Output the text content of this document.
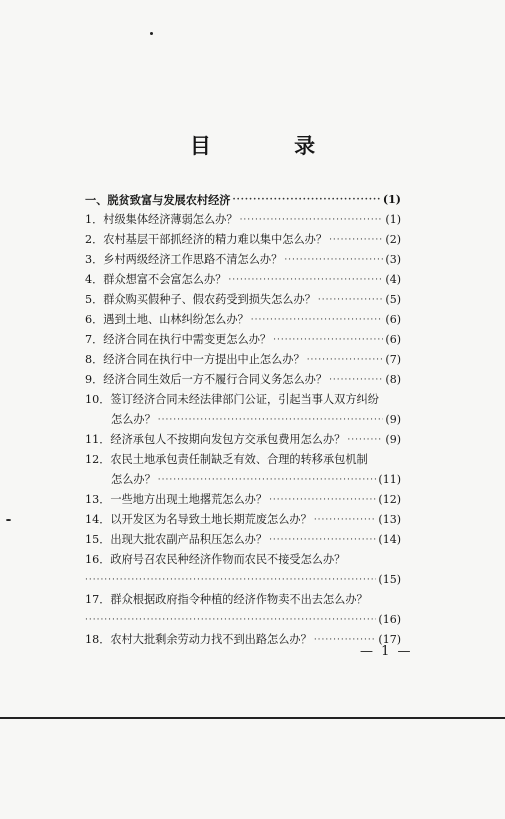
目 录
一、脱贫致富与发展农村经济 ·····	(1)
1．村级集体经济薄弱怎么办？ ·····	(1)
2．农村基层干部抓经济的精力难以集中怎么办？ ·····	(2)
3．乡村两级经济工作思路不清怎么办？ ·····	(3)
4．群众想富不会富怎么办？ ·····	(4)
5．群众购买假种子、假农药受到损失怎么办？ ·····	(5)
6．遇到土地、山林纠纷怎么办？ ·····	(6)
7．经济合同在执行中需变更怎么办？ ·····	(6)
8．经济合同在执行中一方提出中止怎么办？ ·····	(7)
9．经济合同生效后一方不履行合同义务怎么办？ ·····	(8)
10．签订经济合同未经法律部门公证，引起当事人双方纠纷
怎么办？ ·····	(9)
11．经济承包人不按期向发包方交承包费用怎么办？ ·····	(9)
12．农民土地承包责任制缺乏有效、合理的转移承包机制
怎么办？ ·····	(11)
13．一些地方出现土地撂荒怎么办？ ·····	(12)
14．以开发区为名导致土地长期荒废怎么办？ ·····	(13)
15．出现大批农副产品积压怎么办？ ·····	(14)
16．政府号召农民种经济作物而农民不接受怎么办？
·····
(15)
17．群众根据政府指令种植的经济作物卖不出去怎么办？
·····
(16)
18．农村大批剩余劳动力找不到出路怎么办？ ·····	(17)
— 1 —
